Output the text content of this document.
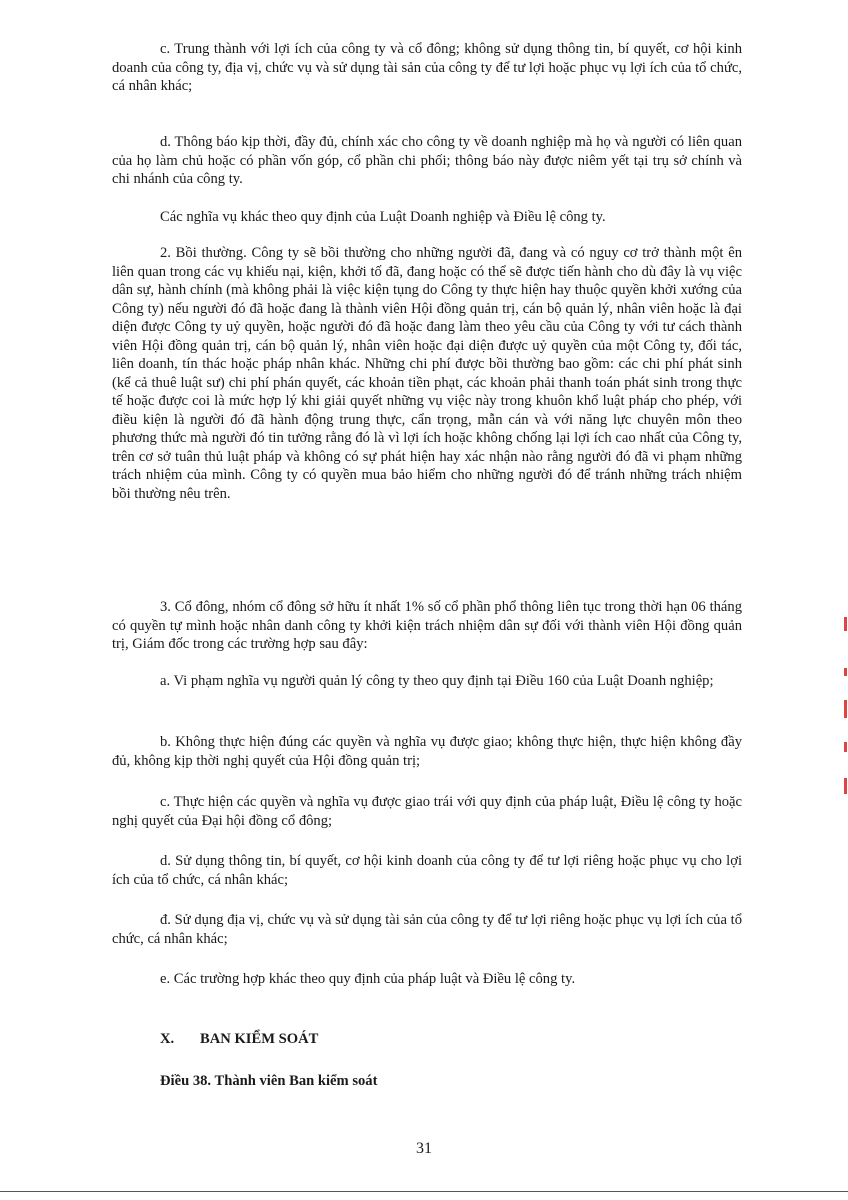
c. Trung thành với lợi ích của công ty và cổ đông; không sử dụng thông tin, bí quyết, cơ hội kinh doanh của công ty, địa vị, chức vụ và sử dụng tài sản của công ty để tư lợi hoặc phục vụ lợi ích của tổ chức, cá nhân khác;

d. Thông báo kịp thời, đầy đủ, chính xác cho công ty về doanh nghiệp mà họ và người có liên quan của họ làm chủ hoặc có phần vốn góp, cổ phần chi phối; thông báo này được niêm yết tại trụ sở chính và chi nhánh của công ty.

Các nghĩa vụ khác theo quy định của Luật Doanh nghiệp và Điều lệ công ty.

2. Bồi thường. Công ty sẽ bồi thường cho những người đã, đang và có nguy cơ trở thành một ên liên quan trong các vụ khiếu nại, kiện, khởi tố đã, đang hoặc có thể sẽ được tiến hành cho dù đây là vụ việc dân sự, hành chính (mà không phải là việc kiện tụng do Công ty thực hiện hay thuộc quyền khởi xướng của Công ty) nếu người đó đã hoặc đang là thành viên Hội đồng quản trị, cán bộ quản lý, nhân viên hoặc là đại diện được Công ty uỷ quyền, hoặc người đó đã hoặc đang làm theo yêu cầu của Công ty với tư cách thành viên Hội đồng quản trị, cán bộ quản lý, nhân viên hoặc đại diện được uỷ quyền của một Công ty, đối tác, liên doanh, tín thác hoặc pháp nhân khác. Những chi phí được bồi thường bao gồm: các chi phí phát sinh (kể cả thuê luật sư) chi phí phán quyết, các khoản tiền phạt, các khoản phải thanh toán phát sinh trong thực tế hoặc được coi là mức hợp lý khi giải quyết những vụ việc này trong khuôn khổ luật pháp cho phép, với điều kiện là người đó đã hành động trung thực, cẩn trọng, mẫn cán và với năng lực chuyên môn theo phương thức mà người đó tin tưởng rằng đó là vì lợi ích hoặc không chống lại lợi ích cao nhất của Công ty, trên cơ sở tuân thủ luật pháp và không có sự phát hiện hay xác nhận nào rằng người đó đã vi phạm những trách nhiệm của mình. Công ty có quyền mua bảo hiểm cho những người đó để tránh những trách nhiệm bồi thường nêu trên.

3. Cổ đông, nhóm cổ đông sở hữu ít nhất 1% số cổ phần phổ thông liên tục trong thời hạn 06 tháng có quyền tự mình hoặc nhân danh công ty khởi kiện trách nhiệm dân sự đối với thành viên Hội đồng quản trị, Giám đốc trong các trường hợp sau đây:

a. Vi phạm nghĩa vụ người quản lý công ty theo quy định tại Điều 160 của Luật Doanh nghiệp;

b. Không thực hiện đúng các quyền và nghĩa vụ được giao; không thực hiện, thực hiện không đầy đủ, không kịp thời nghị quyết của Hội đồng quản trị;

c. Thực hiện các quyền và nghĩa vụ được giao trái với quy định của pháp luật, Điều lệ công ty hoặc nghị quyết của Đại hội đồng cổ đông;

d. Sử dụng thông tin, bí quyết, cơ hội kinh doanh của công ty để tư lợi riêng hoặc phục vụ cho lợi ích của tổ chức, cá nhân khác;

đ. Sử dụng địa vị, chức vụ và sử dụng tài sản của công ty để tư lợi riêng hoặc phục vụ lợi ích của tổ chức, cá nhân khác;

e. Các trường hợp khác theo quy định của pháp luật và Điều lệ công ty.

X. BAN KIỂM SOÁT

Điều 38. Thành viên Ban kiểm soát

31
